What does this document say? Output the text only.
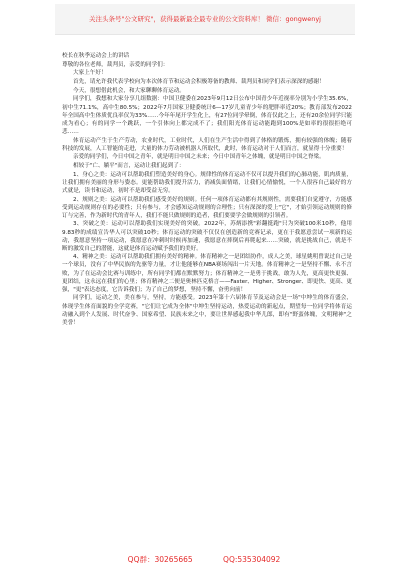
关注头条号"公文研究"，获得最新最全最专业的公文资料库！ 微信：gongwenyj

校长在秋季运动会上的讲话

尊敬的各位老师，裁判员，亲爱的同学们：

大家上午好！

首先，请允许我代表学校向为本次体育节和运动会积极筹备的教师、裁判员和同学们表示深深的感谢！

今天，很想借此机会，和大家聊聊体育运动。

同学们，我想和大家分享几组数据：中国卫健委在2023年9月12日公布中国青少年近视率分别为小学生35.6%，初中生71.1%，高中生80.5%；2022年7月国家卫健委统计6—17岁儿童青少年的肥胖率近20%；教育部发布2022年全国高中生体质优良率仅为33%……今年年尾开学生化上，有27位同学晕倒，体育仅此之上，还有20余位同学只能成为看心；有的同学一个跳跃，一个引体向上都完成不了；我们阳光体育运动能跑到100%是如率的很很拒绝可悲……

体育运动产生于生产劳动，农业时代，工业时代，人们在生产生活中得到了体格的锻炼，拥有较强的体魄；随着科技的发展，人工智能的走进，大量的体力劳动被机器人所取代，此时，体育运动对于人们而言，就显得十分重要！

亲爱的同学们，今日中国之青年，就是明日中国之未来；今日中国青年之体魄，就是明日中国之脊梁。

相较于"亡、躺平"而言，运动让我们起到了：

1、身心之美：运动可以帮助我们塑造美好的身心。规律性的体育运动不仅可以提升我们的心肺功能，肌肉质量，让我们拥有美丽的身形与姿态。更能帮助我们提升活力，消减负面情绪，让我们心情愉悦，一个人很容自己最好的方式就是，读书和运动，初时不是却受益无穷。

2、规则之美：运动可以帮助我们感受美好的规则。任何一项体育运动都有其规则性，需要我们自觉遵守，方能感受到运动规则存在的必要性；只有参与，才会感知运动规则的合理性；只有深深的爱上"它"，才始引领运动规则的修订与完善，作为新时代的青年人，我们不能只做规则的追者，我们要要学会做规则的引领者。

3、突破之美：运动可以帮助我们实现美好的突破。2022年，苏炳添携"彩翻挺跑"只为突破100米10秒，他用9.83秒的成绩宣告华人可以突破10秒；体育运动的突破不仅仅在创造新的竞赛记录，更在于我愿意尝试一项新的运动，我愿意坚持一项运动，我愿意在冲刺时时候再加速，我愿意在摔倒后再爬起来……突破，就是挑战自己，就是不断的激发自己的潜能，这就是体育运动赋予我们的美好。

4、精神之美：运动可以帮助我们拥有美好的精神。体育精神之一是团结协作，成人之美，球星姚明曾说过自己是一个球员，没有了中华民族的先驱等力量，才让他能够在NBA赛场闯出一片天地。体育精神之一是坚持不懈、永不言败，为了在运动会比赛与训练中，所有同学们都在默默努力；体育精神之一是勇于挑战，敢为人先，更高更快更强、更团结，这永远在我们的心里；体育精神之二便是奥林匹克格言——Faster、Higher、Stronger、即更快、更高、更强，"更"表达态度，它告诉我们；为了自己的梦想，坚持不懈，奋勇向前！

同学们，运动之美，美在参与，坚持，方能感受。2023年第十六届体育节及运动会是一场"中坤生的体育盛会，体现学生体育面貌的全学竞赛，"它们让它成为全体"中坤生坚持运动，热爱运动的新起点，期望每一位同学将体育运动融入到个人发展、时代奋争、国家希望、民族未来之中，要让世界感起我中华儿郎，即有"野蛮体魄，文明精神"之美誉！

QQ群：30265665	QQ:535304092
